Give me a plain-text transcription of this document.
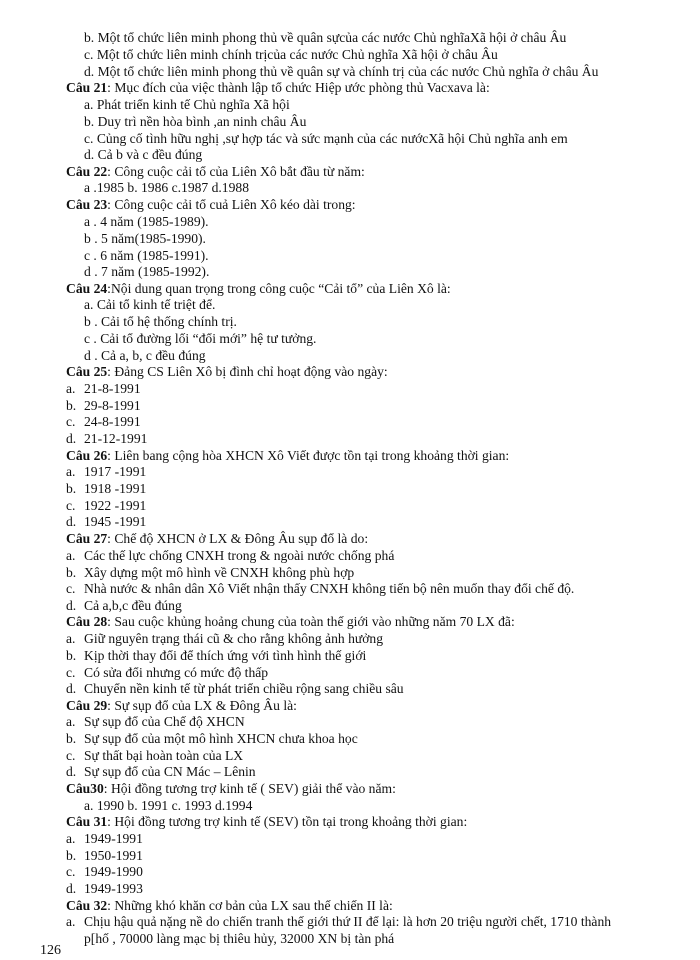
b. Một tổ chức liên minh phong thủ về quân sựcủa các nước Chủ nghĩaXã hội ở châu Âu
c. Một tổ chức liên minh chính trịcủa các nước Chủ nghĩa Xã hội ở châu Âu
d. Một tổ chức liên minh phong thủ về quân sự và chính trị của các nước Chủ nghĩa ở châu Âu
Câu 21: Mục đích của việc thành lập tổ chức Hiệp ước phòng thủ Vacxava là:
a. Phát triển kinh tế Chủ nghĩa Xã hội
b. Duy trì nền hòa bình ,an ninh châu Âu
c. Củng cố tình hữu nghị ,sự hợp tác và sức mạnh của các nướcXã hội Chủ nghĩa anh em
d. Cả b và c đều đúng
Câu 22: Công cuộc cải tổ của Liên Xô bắt đầu từ năm:
a .1985 b. 1986 c.1987 d.1988
Câu 23: Công cuộc cải tổ cuả Liên Xô kéo dài trong:
a . 4 năm (1985-1989).
b . 5 năm(1985-1990).
c . 6 năm (1985-1991).
d . 7 năm (1985-1992).
Câu 24:Nội dung quan trọng trong công cuộc “Cải tổ” của Liên Xô là:
a. Cải tổ kinh tế triệt để.
b . Cải tổ hệ thống chính trị.
c . Cải tổ đường lối “đổi mới” hệ tư tưởng.
d . Cả a, b, c đều đúng
Câu 25: Đảng CS Liên Xô bị đình chỉ hoạt động vào ngày:
a. 21-8-1991
b. 29-8-1991
c. 24-8-1991
d. 21-12-1991
Câu 26: Liên bang cộng hòa XHCN Xô Viết được tồn tại trong khoảng thời gian:
a. 1917 -1991
b. 1918 -1991
c. 1922 -1991
d. 1945 -1991
Câu 27: Chế độ XHCN ở LX & Đông Âu sụp đổ là do:
a. Các thế lực chống CNXH trong & ngoài nước chống phá
b. Xây dựng một mô hình về CNXH không phù hợp
c. Nhà nước & nhân dân Xô Viết nhận thấy CNXH không tiến bộ nên muốn thay đổi chế độ.
d. Cả a,b,c đều đúng
Câu 28: Sau cuộc khủng hoảng chung của toàn thế giới vào những năm 70 LX đã:
a. Giữ nguyên trạng thái cũ & cho rằng không ảnh hưởng
b. Kịp thời thay đổi để thích ứng với tình hình thế giới
c. Có sửa đổi nhưng có mức độ thấp
d. Chuyển nền kinh tế từ phát triển chiều rộng sang chiều sâu
Câu 29: Sự sụp đổ của LX & Đông Âu là:
a. Sự sụp đổ của Chế độ XHCN
b. Sự sụp đổ của một mô hình XHCN chưa khoa học
c. Sự thất bại hoàn toàn của LX
d. Sự sụp đổ của CN Mác – Lênin
Câu30: Hội đồng tương trợ kinh tế ( SEV) giải thể vào năm:
a. 1990 b. 1991 c. 1993 d.1994
Câu 31: Hội đồng tương trợ kinh tế (SEV) tồn tại trong khoảng thời gian:
a. 1949-1991
b. 1950-1991
c. 1949-1990
d. 1949-1993
Câu 32: Những khó khăn cơ bản của LX sau thế chiến II là:
a. Chịu hậu quả nặng nề do chiến tranh thế giới thứ II để lại: là hơn 20 triệu người chết, 1710 thành
p[hố , 70000 làng mạc bị thiêu hủy, 32000 XN bị tàn phá
126
